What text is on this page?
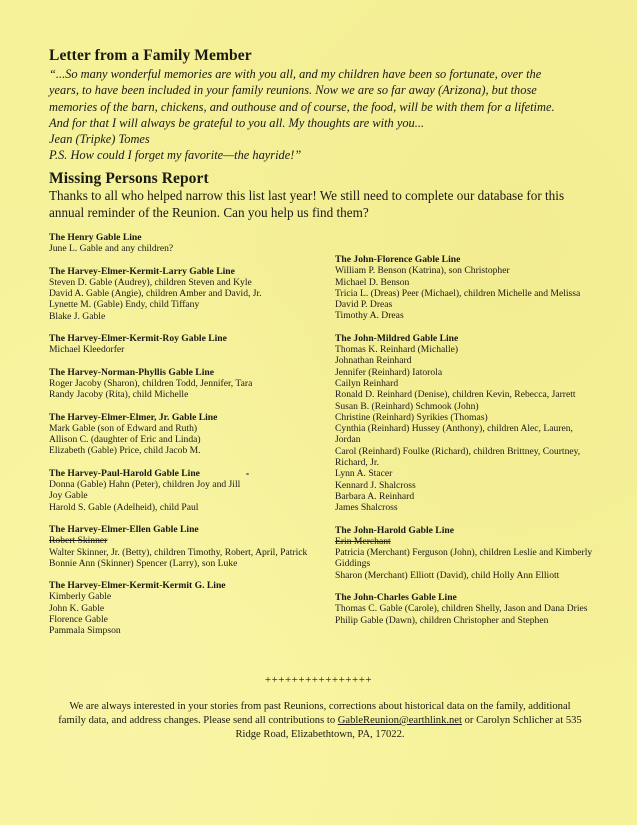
Letter from a Family Member

“...So many wonderful memories are with you all, and my children have been so fortunate, over the

years, to have been included in your family reunions. Now we are so far away (Arizona), but those

memories of the barn, chickens, and outhouse and of course, the food, will be with them for a lifetime.

And for that I will always be grateful to you all. My thoughts are with you...

Jean (Tripke) Tomes

P.S. How could I forget my favorite—the hayride!”

Missing Persons Report

Thanks to all who helped narrow this list last year! We still need to complete our database for this annual reminder of the Reunion. Can you help us find them?

The Henry Gable Line

June L. Gable and any children?

The Harvey-Elmer-Kermit-Larry Gable Line

Steven D. Gable (Audrey), children Steven and Kyle

David A. Gable (Angie), children Amber and David, Jr.

Lynette M. (Gable) Endy, child Tiffany

Blake J. Gable

The Harvey-Elmer-Kermit-Roy Gable Line

Michael Kleedorfer

The Harvey-Norman-Phyllis Gable Line

Roger Jacoby (Sharon), children Todd, Jennifer, Tara

Randy Jacoby (Rita), child Michelle

The Harvey-Elmer-Elmer, Jr. Gable Line

Mark Gable (son of Edward and Ruth)

Allison C. (daughter of Eric and Linda)

Elizabeth (Gable) Price, child Jacob M.

The Harvey-Paul-Harold Gable Line

Donna (Gable) Hahn (Peter), children Joy and Jill

Joy Gable

Harold S. Gable (Adelheid), child Paul

The Harvey-Elmer-Ellen Gable Line

Robert Skinner

Walter Skinner, Jr. (Betty), children Timothy, Robert, April, Patrick

Bonnie Ann (Skinner) Spencer (Larry), son Luke

The Harvey-Elmer-Kermit-Kermit G. Line

Kimberly Gable

John K. Gable

Florence Gable

Pammala Simpson

The John-Florence Gable Line

William P. Benson (Katrina), son Christopher

Michael D. Benson

Tricia L. (Dreas) Peer (Michael), children Michelle and Melissa

David P. Dreas

Timothy A. Dreas

The John-Mildred Gable Line

Thomas K. Reinhard (Michalle)

Johnathan Reinhard

Jennifer (Reinhard) Iatorola

Cailyn Reinhard

Ronald D. Reinhard (Denise), children Kevin, Rebecca, Jarrett

Susan B. (Reinhard) Schmook (John)

Christine (Reinhard) Syrikies (Thomas)

Cynthia (Reinhard) Hussey (Anthony), children Alec, Lauren, Jordan

Carol (Reinhard) Foulke (Richard), children Brittney, Courtney, Richard, Jr.

Lynn A. Stacer

Kennard J. Shalcross

Barbara A. Reinhard

James Shalcross

The John-Harold Gable Line

Erin Merchant

Patricia (Merchant) Ferguson (John), children Leslie and Kimberly Giddings

Sharon (Merchant) Elliott (David), child Holly Ann Elliott

The John-Charles Gable Line

Thomas C. Gable (Carole), children Shelly, Jason and Dana Dries

Philip Gable (Dawn), children Christopher and Stephen

++++++++++++++++

We are always interested in your stories from past Reunions, corrections about historical data on the family, additional family data, and address changes. Please send all contributions to GableReunion@earthlink.net or Carolyn Schlicher at 535 Ridge Road, Elizabethtown, PA, 17022.
